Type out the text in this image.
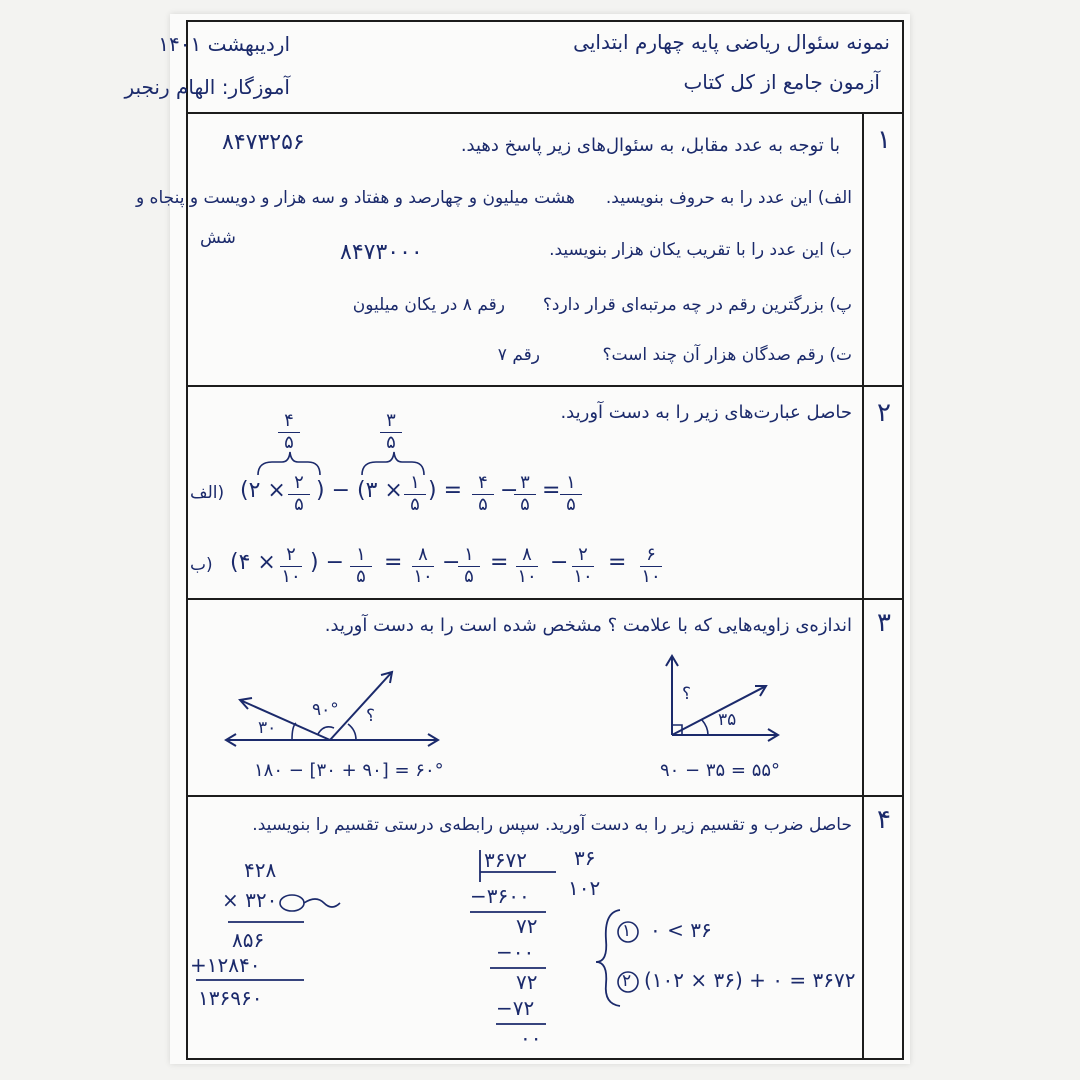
نمونه سئوال ریاضی پایه چهارم ابتدایی
آزمون جامع از کل کتاب
اردیبهشت ۱۴۰۱
آموزگار: الهام رنجبر
۱
۸۴۷۳۲۵۶	با توجه به عدد مقابل، به سئوال‌های زیر پاسخ دهید.
الف) این عدد را به حروف بنویسید.
هشت میلیون و چهارصد و هفتاد و سه هزار و دویست و پنجاه و
شش
ب) این عدد را با تقریب یکان هزار بنویسید.
۸۴۷۳۰۰۰
پ) بزرگترین رقم در چه مرتبه‌ای قرار دارد؟
رقم ۸ در یکان میلیون
ت) رقم صدگان هزار آن چند است؟
رقم ۷
۲
حاصل عبارت‌های زیر را به دست آورید.
۴
۵
۳
۵
(الف (۲ × ۲
۵
) − (۳ × ۱
۵
) = ۴
۵
− ۳
۵
= ۱
۵
(ب (۴ × ۲
۱۰
) − ۱
۵
= ۸
۱۰
− ۱
۵
= ۸
۱۰
− ۲
۱۰
= ۶
۱۰
۳
اندازه‌ی زاویه‌هایی که با علامت ؟ مشخص شده است را به دست آورید.
۳۰
۹۰° ؟
۱۸۰ − [۳۰ + ۹۰] = ۶۰°
؟
۳۵
۹۰ − ۳۵ = ۵۵°
۴
حاصل ضرب و تقسیم زیر را به دست آورید. سپس رابطه‌ی درستی تقسیم را بنویسید.
۴۲۸
× ۳۲۰
۸۵۶
+۱۲۸۴۰
۱۳۶۹۶۰
۳۶۷۲ ۳۶
۱۰۲
−۳۶۰۰
۷۲
−۰۰
۷۲
−۷۲
۰۰
۱ ۰ < ۳۶
۲ (۱۰۲ × ۳۶) + ۰ = ۳۶۷۲
